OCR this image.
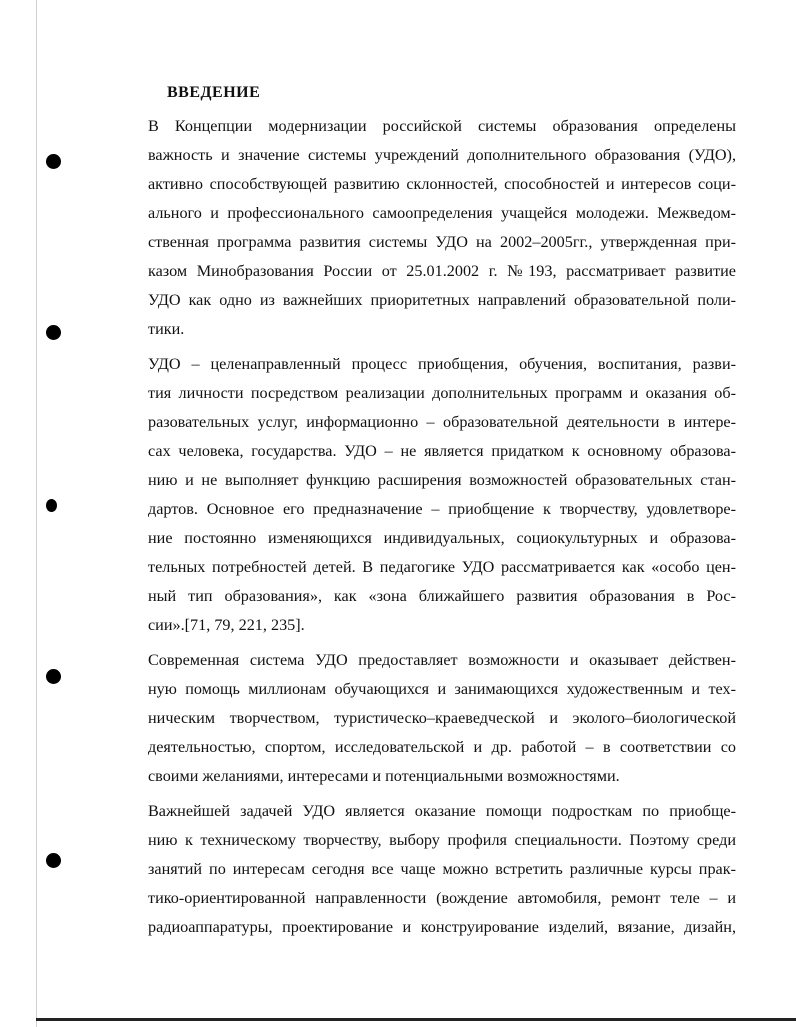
ВВЕДЕНИЕ

В Концепции модернизации российской системы образования определены
важность и значение системы учреждений дополнительного образования (УДО),
активно способствующей развитию склонностей, способностей и интересов соци-
ального и профессионального самоопределения учащейся молодежи. Межведом-
ственная программа развития системы УДО на 2002–2005гг., утвержденная при-
казом Минобразования России от 25.01.2002 г. №193, рассматривает развитие
УДО как одно из важнейших приоритетных направлений образовательной поли-
тики.

УДО – целенаправленный процесс приобщения, обучения, воспитания, разви-
тия личности посредством реализации дополнительных программ и оказания об-
разовательных услуг, информационно – образовательной деятельности в интере-
сах человека, государства. УДО – не является придатком к основному образова-
нию и не выполняет функцию расширения возможностей образовательных стан-
дартов. Основное его предназначение – приобщение к творчеству, удовлетворе-
ние постоянно изменяющихся индивидуальных, социокультурных и образова-
тельных потребностей детей. В педагогике УДО рассматривается как «особо цен-
ный тип образования», как «зона ближайшего развития образования в Рос-
сии».[71, 79, 221, 235].

Современная система УДО предоставляет возможности и оказывает действен-
ную помощь миллионам обучающихся и занимающихся художественным и тех-
ническим творчеством, туристическо–краеведческой и эколого–биологической
деятельностью, спортом, исследовательской и др. работой – в соответствии со
своими желаниями, интересами и потенциальными возможностями.

Важнейшей задачей УДО является оказание помощи подросткам по приобще-
нию к техническому творчеству, выбору профиля специальности. Поэтому среди
занятий по интересам сегодня все чаще можно встретить различные курсы прак-
тико-ориентированной направленности (вождение автомобиля, ремонт теле – и
радиоаппаратуры, проектирование и конструирование изделий, вязание, дизайн,
